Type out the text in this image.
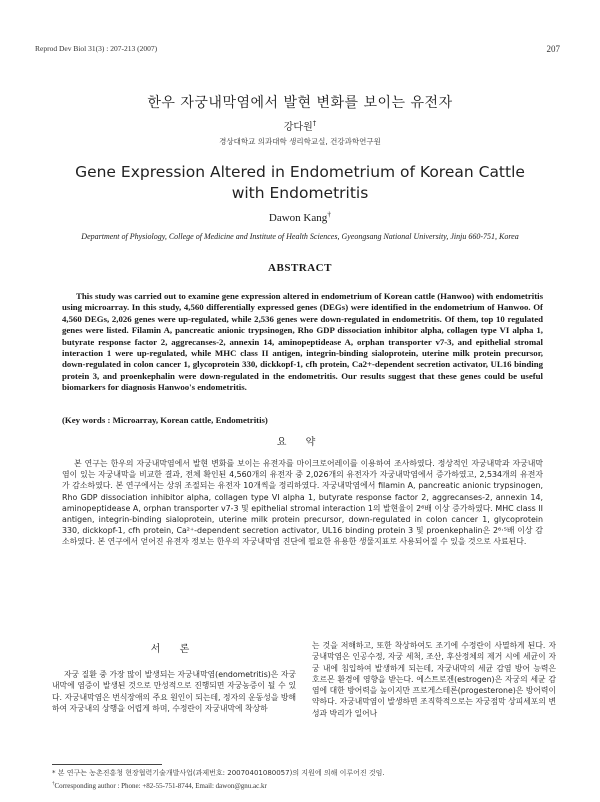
Reprod Dev Biol 31(3) : 207-213 (2007)	207
한우 자궁내막염에서 발현 변화를 보이는 유전자
강다원†
경상대학교 의과대학 생리학교실, 건강과학연구원
Gene Expression Altered in Endometrium of Korean Cattle
with Endometritis
Dawon Kang†
Department of Physiology, College of Medicine and Institute of Health Sciences, Gyeongsang National University, Jinju 660-751, Korea
ABSTRACT
This study was carried out to examine gene expression altered in endometrium of Korean cattle (Hanwoo) with endometritis using microarray. In this study, 4,560 differentially expressed genes (DEGs) were identified in the endometrium of Hanwoo. Of 4,560 DEGs, 2,026 genes were up-regulated, while 2,536 genes were down-regulated in endometritis. Of them, top 10 regulated genes were listed. Filamin A, pancreatic anionic trypsinogen, Rho GDP dissociation inhibitor alpha, collagen type VI alpha 1, butyrate response factor 2, aggrecanses-2, annexin 14, aminopeptidease A, orphan transporter v7-3, and epithelial stromal interaction 1 were up-regulated, while MHC class II antigen, integrin-binding sialoprotein, uterine milk protein precursor, down-regulated in colon cancer 1, glycoprotein 330, dickkopf-1, cfh protein, Ca2+-dependent secretion activator, UL16 binding protein 3, and proenkephalin were down-regulated in the endometritis. Our results suggest that these genes could be useful biomarkers for diagnosis Hanwoo's endometritis.
(Key words : Microarray, Korean cattle, Endometritis)
요 약
본 연구는 한우의 자궁내막염에서 발현 변화를 보이는 유전자를 마이크로어레이를 이용하여 조사하였다. 정상적인 자궁내막과 자궁내막염이 있는 자궁내막을 비교한 결과, 전체 확인된 4,560개의 유전자 중 2,026개의 유전자가 자궁내막염에서 증가하였고, 2,534개의 유전자가 감소하였다. 본 연구에서는 상위 조절되는 유전자 10개씩을 정리하였다. 자궁내막염에서 filamin A, pancreatic anionic trypsinogen, Rho GDP dissociation inhibitor alpha, collagen type VI alpha 1, butyrate response factor 2, aggrecanses-2, annexin 14, aminopeptidease A, orphan transporter v7-3 및 epithelial stromal interaction 1의 발현율이 2⁶배 이상 증가하였다. MHC class II antigen, integrin-binding sialoprotein, uterine milk protein precursor, down-regulated in colon cancer 1, glycoprotein 330, dickkopf-1, cfh protein, Ca²⁺-dependent secretion activator, UL16 binding protein 3 및 proenkephalin은 2⁶·⁵배 이상 감소하였다. 본 연구에서 얻어진 유전자 정보는 한우의 자궁내막염 진단에 필요한 유용한 생물지표로 사용되어질 수 있을 것으로 사료된다.
서 론

자궁 질환 중 가장 많이 발생되는 자궁내막염(endometritis)은 자궁내막에 염증이 발생된 것으로 만성적으로 진행되면 자궁농증이 될 수 있다. 자궁내막염은 번식장애의 주요 원인이 되는데, 정자의 운동성을 방해하여 자궁내의 상행을 어렵게 하며, 수정란이 자궁내막에 착상하

는 것을 저해하고, 또한 착상하여도 조기에 수정란이 사멸하게 된다. 자궁내막염은 인공수정, 자궁 세척, 조산, 후산정체의 제거 시에 세균이 자궁 내에 침입하여 발생하게 되는데, 자궁내막의 세균 감염 방어 능력은 호르몬 환경에 영향을 받는다. 에스트로겐(estrogen)은 자궁의 세균 감염에 대한 방어력을 높이지만 프로게스테론(progesterone)은 방어력이 약하다. 자궁내막염이 발생하면 조직학적으로는 자궁점막 상피세포의 변성과 박리가 일어나

* 본 연구는 농촌진흥청 현장협력기술개발사업(과제번호: 20070401080057)의 지원에 의해 이루어진 것임.
†Corresponding author : Phone: +82-55-751-8744, Email: dawon@gnu.ac.kr
